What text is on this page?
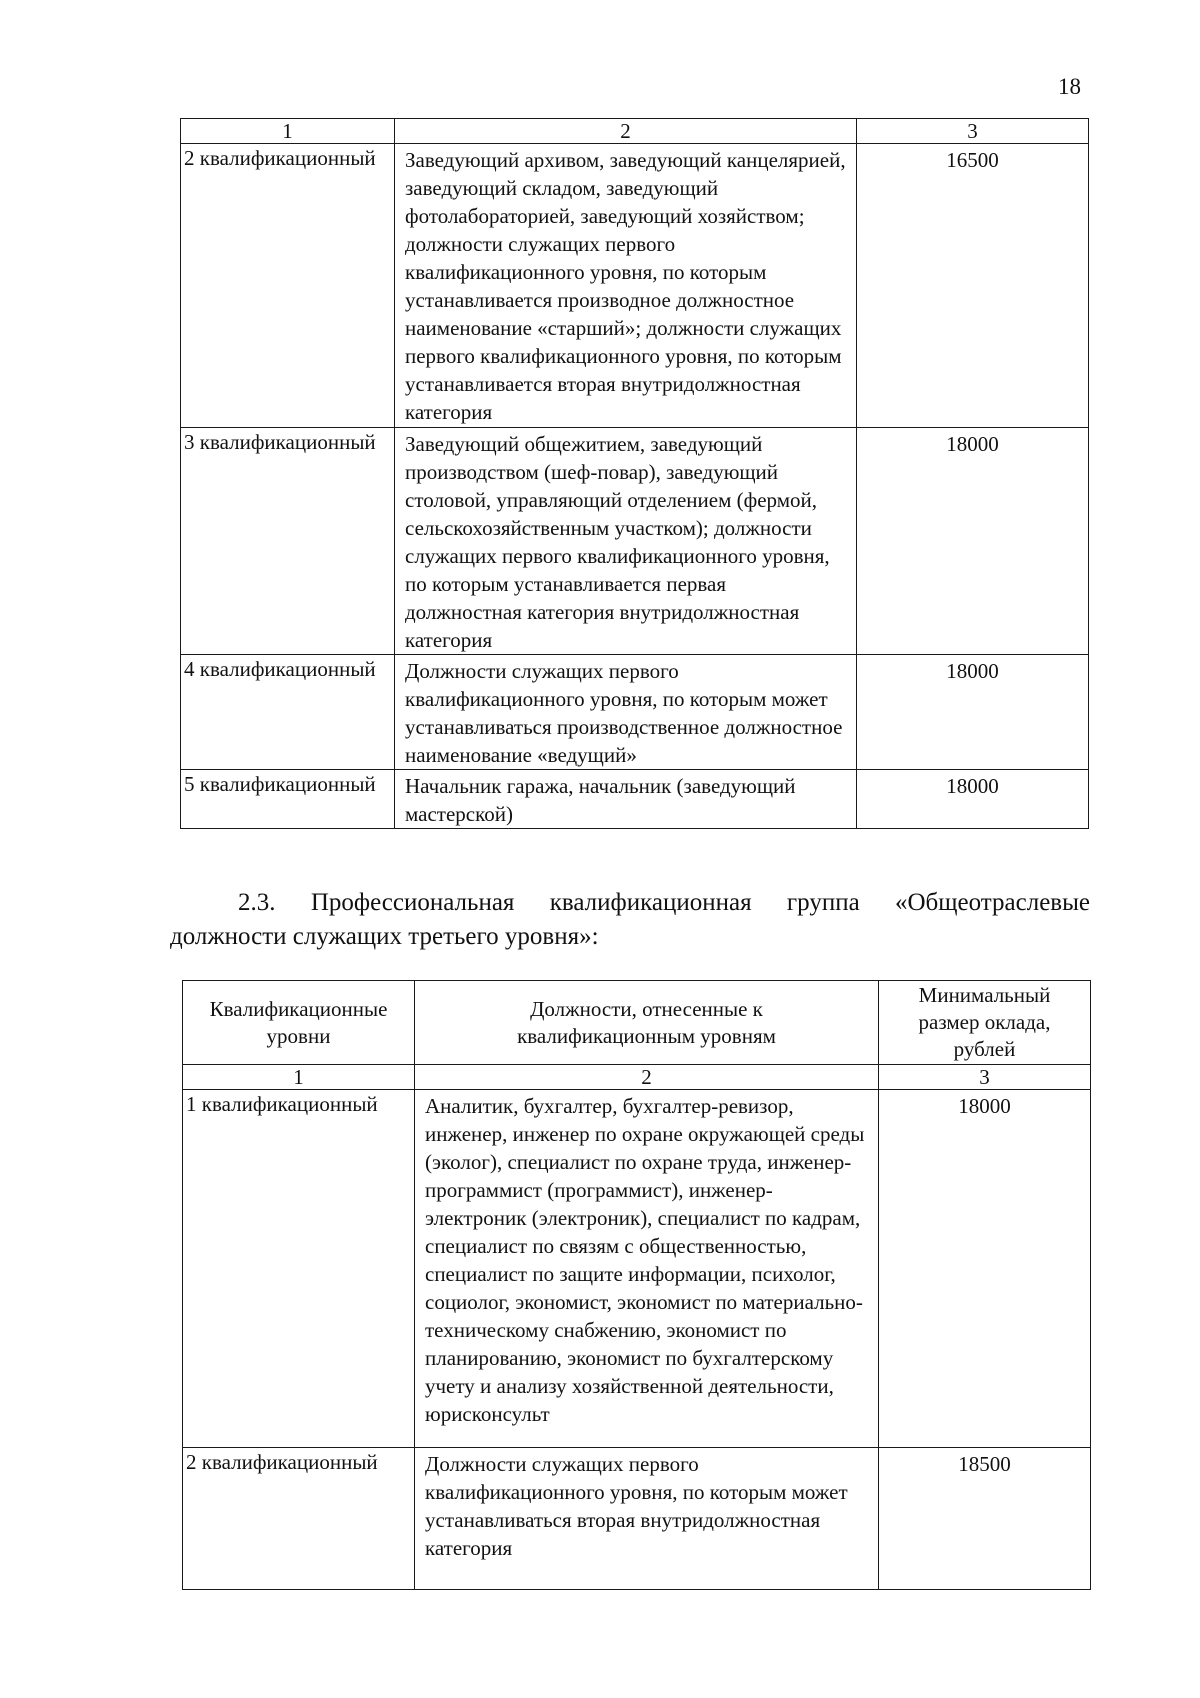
18
1	2	3
2 квалификационный	Заведующий архивом, заведующий канцелярией, заведующий складом, заведующий фотолабораторией, заведующий хозяйством; должности служащих первого квалификационного уровня, по которым устанавливается производное должностное наименование «старший»; должности служащих первого квалификационного уровня, по которым устанавливается вторая внутридолжностная категория	16500
3 квалификационный	Заведующий общежитием, заведующий производством (шеф-повар), заведующий столовой, управляющий отделением (фермой, сельскохозяйственным участком); должности служащих первого квалификационного уровня, по которым устанавливается первая должностная категория внутридолжностная категория	18000
4 квалификационный	Должности служащих первого квалификационного уровня, по которым может устанавливаться производственное должностное наименование «ведущий»	18000
5 квалификационный	Начальник гаража, начальник (заведующий мастерской)	18000
2.3. Профессиональная квалификационная группа «Общеотраслевые должности служащих третьего уровня»:
Квалификационные уровни	Должности, отнесенные к квалификационным уровням	Минимальный размер оклада, рублей
1	2	3
1 квалификационный	Аналитик, бухгалтер, бухгалтер-ревизор, инженер, инженер по охране окружающей среды (эколог), специалист по охране труда, инженер-программист (программист), инженер-электроник (электроник), специалист по кадрам, специалист по связям с общественностью, специалист по защите информации, психолог, социолог, экономист, экономист по материально-техническому снабжению, экономист по планированию, экономист по бухгалтерскому учету и анализу хозяйственной деятельности, юрисконсульт	18000
2 квалификационный	Должности служащих первого квалификационного уровня, по которым может устанавливаться вторая внутридолжностная категория	18500
